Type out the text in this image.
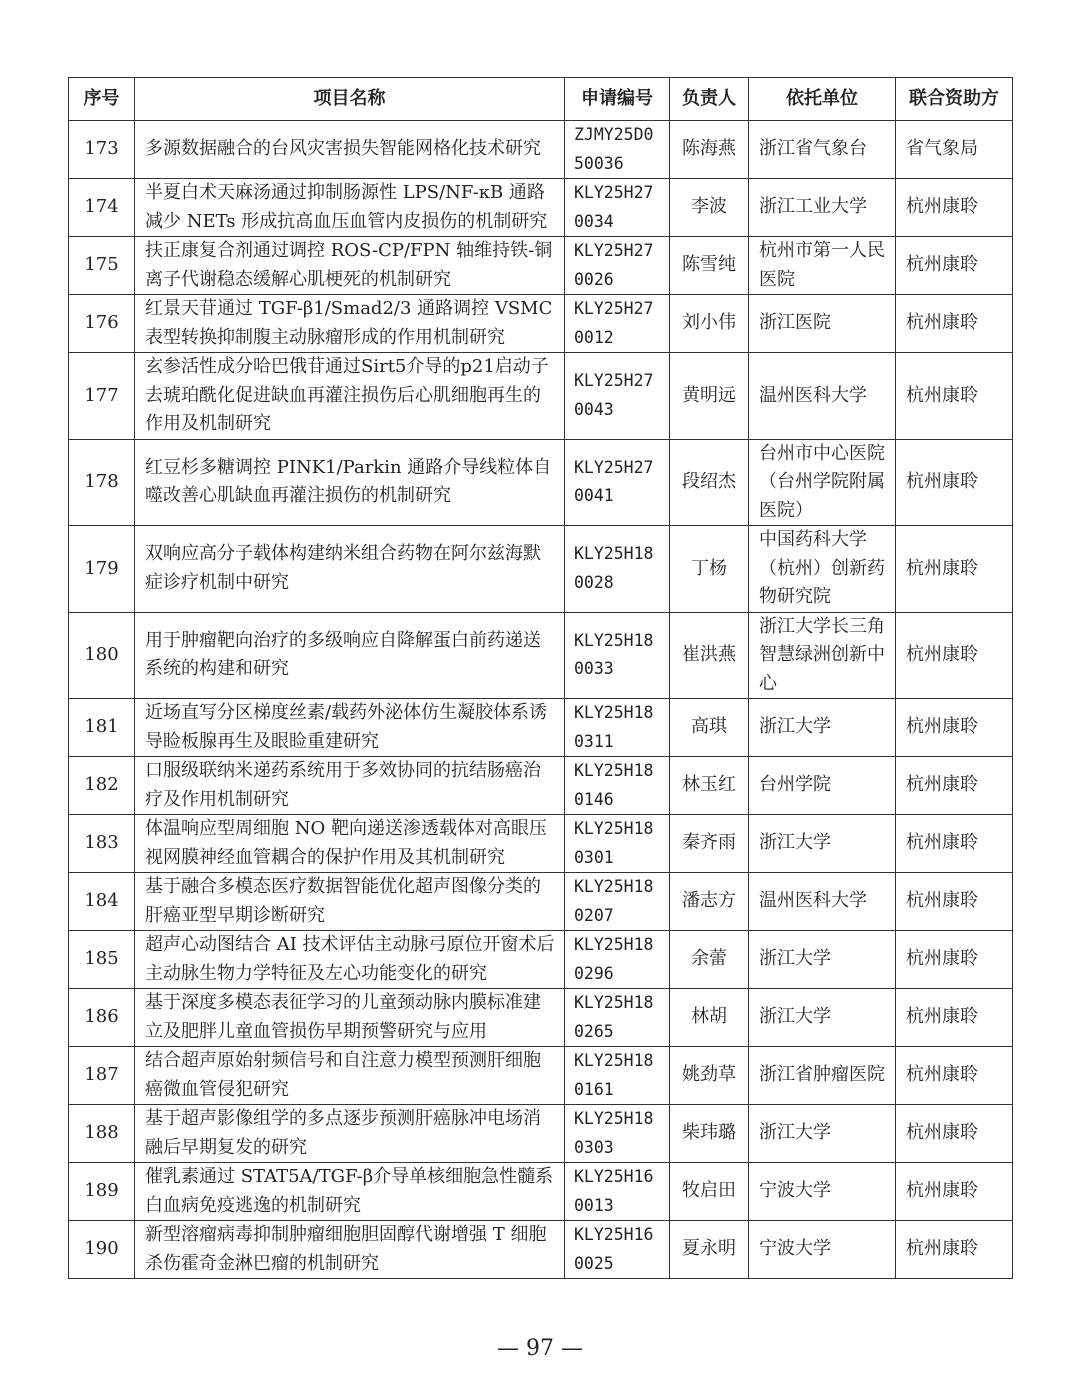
序号	项目名称	申请编号	负责人	依托单位	联合资助方
173	多源数据融合的台风灾害损失智能网格化技术研究	ZJMY25D050036	陈海燕	浙江省气象台	省气象局
174	半夏白术天麻汤通过抑制肠源性 LPS/NF-κB 通路减少 NETs 形成抗高血压血管内皮损伤的机制研究	KLY25H270034	李波	浙江工业大学	杭州康聆
175	扶正康复合剂通过调控 ROS-CP/FPN 轴维持铁-铜离子代谢稳态缓解心肌梗死的机制研究	KLY25H270026	陈雪纯	杭州市第一人民医院	杭州康聆
176	红景天苷通过 TGF-β1/Smad2/3 通路调控 VSMC 表型转换抑制腹主动脉瘤形成的作用机制研究	KLY25H270012	刘小伟	浙江医院	杭州康聆
177	玄参活性成分哈巴俄苷通过Sirt5介导的p21启动子去琥珀酰化促进缺血再灌注损伤后心肌细胞再生的作用及机制研究	KLY25H270043	黄明远	温州医科大学	杭州康聆
178	红豆杉多糖调控 PINK1/Parkin 通路介导线粒体自噬改善心肌缺血再灌注损伤的机制研究	KLY25H270041	段绍杰	台州市中心医院（台州学院附属医院）	杭州康聆
179	双响应高分子载体构建纳米组合药物在阿尔兹海默症诊疗机制中研究	KLY25H180028	丁杨	中国药科大学（杭州）创新药物研究院	杭州康聆
180	用于肿瘤靶向治疗的多级响应自降解蛋白前药递送系统的构建和研究	KLY25H180033	崔洪燕	浙江大学长三角智慧绿洲创新中心	杭州康聆
181	近场直写分区梯度丝素/载药外泌体仿生凝胶体系诱导睑板腺再生及眼睑重建研究	KLY25H180311	高琪	浙江大学	杭州康聆
182	口服级联纳米递药系统用于多效协同的抗结肠癌治疗及作用机制研究	KLY25H180146	林玉红	台州学院	杭州康聆
183	体温响应型周细胞 NO 靶向递送渗透载体对高眼压视网膜神经血管耦合的保护作用及其机制研究	KLY25H180301	秦齐雨	浙江大学	杭州康聆
184	基于融合多模态医疗数据智能优化超声图像分类的肝癌亚型早期诊断研究	KLY25H180207	潘志方	温州医科大学	杭州康聆
185	超声心动图结合 AI 技术评估主动脉弓原位开窗术后主动脉生物力学特征及左心功能变化的研究	KLY25H180296	余蕾	浙江大学	杭州康聆
186	基于深度多模态表征学习的儿童颈动脉内膜标准建立及肥胖儿童血管损伤早期预警研究与应用	KLY25H180265	林胡	浙江大学	杭州康聆
187	结合超声原始射频信号和自注意力模型预测肝细胞癌微血管侵犯研究	KLY25H180161	姚劲草	浙江省肿瘤医院	杭州康聆
188	基于超声影像组学的多点逐步预测肝癌脉冲电场消融后早期复发的研究	KLY25H180303	柴玮璐	浙江大学	杭州康聆
189	催乳素通过 STAT5A/TGF-β介导单核细胞急性髓系白血病免疫逃逸的机制研究	KLY25H160013	牧启田	宁波大学	杭州康聆
190	新型溶瘤病毒抑制肿瘤细胞胆固醇代谢增强 T 细胞杀伤霍奇金淋巴瘤的机制研究	KLY25H160025	夏永明	宁波大学	杭州康聆
— 97 —
